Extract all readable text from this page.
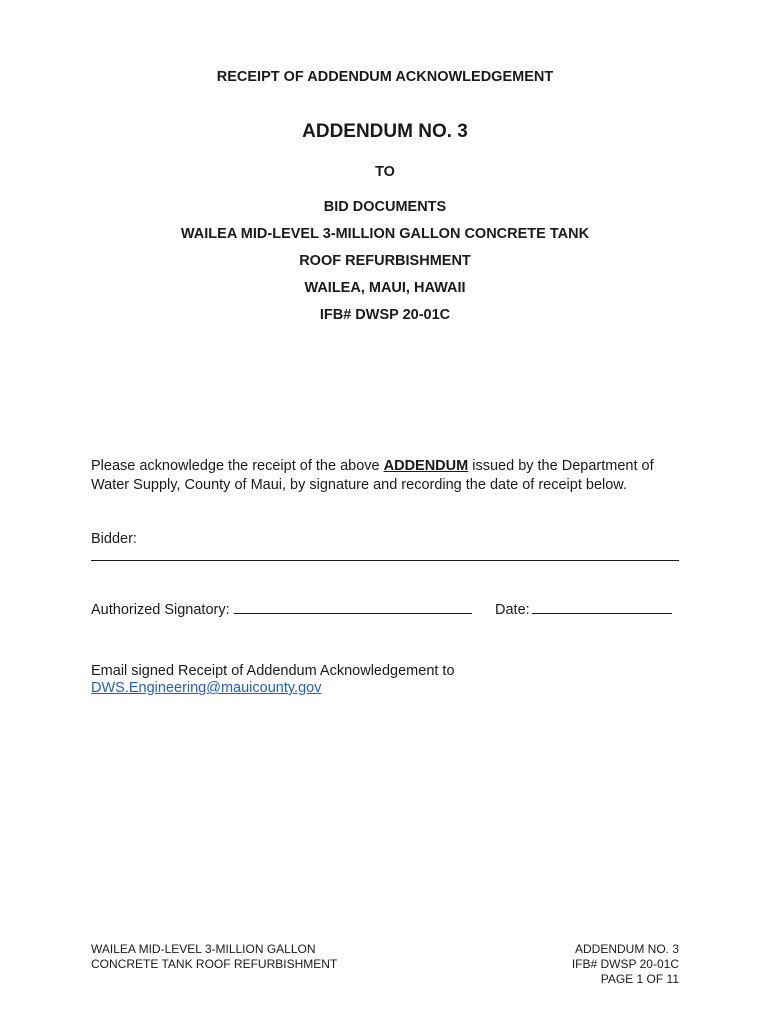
RECEIPT OF ADDENDUM ACKNOWLEDGEMENT
ADDENDUM NO. 3
TO
BID DOCUMENTS
WAILEA MID-LEVEL 3-MILLION GALLON CONCRETE TANK
ROOF REFURBISHMENT
WAILEA, MAUI, HAWAII
IFB# DWSP 20-01C
Please acknowledge the receipt of the above ADDENDUM issued by the Department of
Water Supply, County of Maui, by signature and recording the date of receipt below.
Bidder:
Authorized Signatory:	Date:
Email signed Receipt of Addendum Acknowledgement to
DWS.Engineering@mauicounty.gov
WAILEA MID-LEVEL 3-MILLION GALLON
CONCRETE TANK ROOF REFURBISHMENT
ADDENDUM NO. 3
IFB# DWSP 20-01C
PAGE 1 OF 11
